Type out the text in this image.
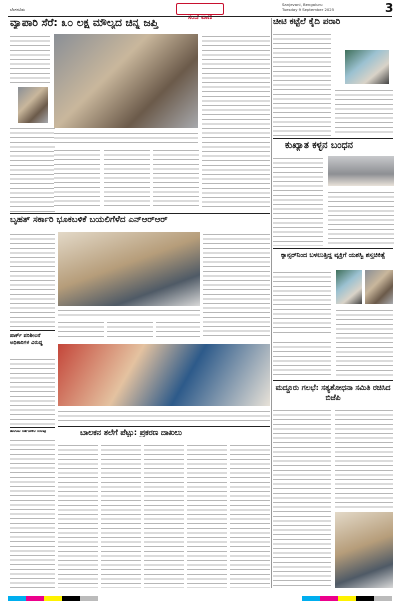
ಬೆಂಗಳೂರು
ಸಂಜೆ ವಾಣಿ
Sanjevani, Bengaluru
Tuesday 9 September 2025	3
ವ್ಯಾಪಾರಿ ಸೆರೆ: ೩೦ ಲಕ್ಷ ಮೌಲ್ಯದ ಚಿನ್ನ ಜಪ್ತಿ	ಚೀಟಿ ಕಟ್ಟೆಲೆ ಕೈದಿ ಪರಾರಿ
ಕುಖ್ಯಾತ ಕಳ್ಳನ ಬಂಧನ
ಬೃಹತ್ ಸರ್ಕಾರಿ ಭೂಕಬಳಿಕೆ ಬಯಲಿಗೆಳೆದ ಎನ್‌ಆರ್‌ಆರ್
ಕ್ಯಾನ್ಸರ್‌ನಿಂದ ಬಳಲುತ್ತಿದ್ದ ವ್ಯಕ್ತಿಗೆ ಯಶಸ್ವಿ ಶಸ್ತ್ರಚಿಕಿತ್ಸೆ
ಪಾರ್ಕ್ ಪರಿಶೀಲನೆ ಅಧಿಕಾರಿಗಳ ವಿರುದ್ಧ
ಹಿರಿಯ ನಾಗರಿಕರ ನೆರವು	ಬಾಲಕನ ತಲೆಗೆ ಪೆಟ್ಟು: ಪ್ರಕರಣ ದಾಖಲು
ಮದ್ದೂರು ಗಲಭೆ: ಸತ್ಯಶೋಧನಾ ಸಮಿತಿ ರಚಿಸಿದ ಬಿಜೆಪಿ
